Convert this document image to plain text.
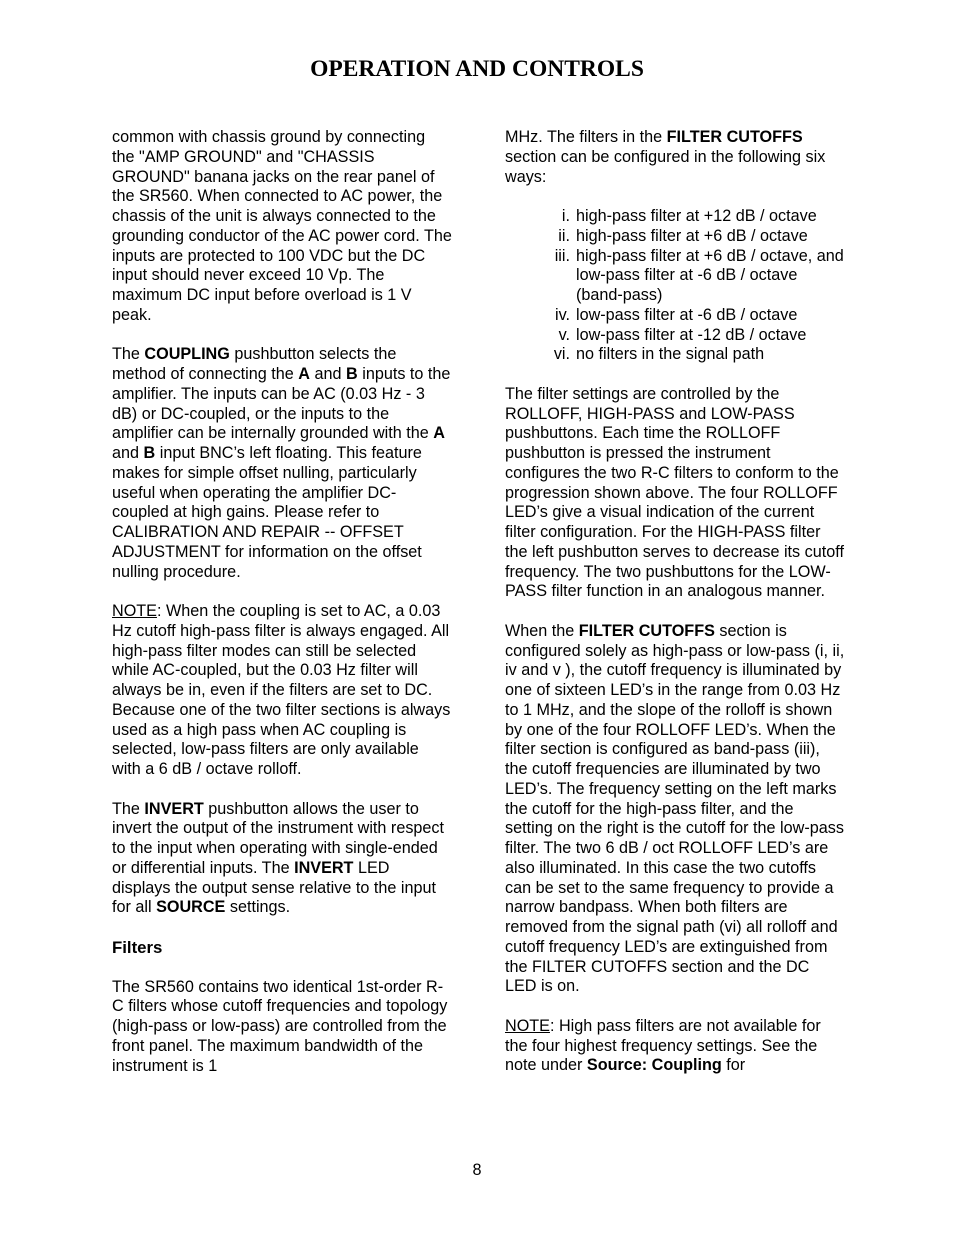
OPERATION AND CONTROLS

common with chassis ground by connecting the "AMP GROUND" and "CHASSIS GROUND" banana jacks on the rear panel of the SR560. When connected to AC power, the chassis of the unit is always connected to the grounding conductor of the AC power cord. The inputs are protected to 100 VDC but the DC input should never exceed 10 Vp. The maximum DC input before overload is 1 V peak.

The COUPLING pushbutton selects the method of connecting the A and B inputs to the amplifier. The inputs can be AC (0.03 Hz - 3 dB) or DC-coupled, or the inputs to the amplifier can be internally grounded with the A and B input BNC’s left floating. This feature makes for simple offset nulling, particularly useful when operating the amplifier DC-coupled at high gains. Please refer to CALIBRATION AND REPAIR -- OFFSET ADJUSTMENT for information on the offset nulling procedure.

NOTE: When the coupling is set to AC, a 0.03 Hz cutoff high-pass filter is always engaged. All high-pass filter modes can still be selected while AC-coupled, but the 0.03 Hz filter will always be in, even if the filters are set to DC. Because one of the two filter sections is always used as a high pass when AC coupling is selected, low-pass filters are only available with a 6 dB / octave rolloff.

The INVERT pushbutton allows the user to invert the output of the instrument with respect to the input when operating with single-ended or differential inputs. The INVERT LED displays the output sense relative to the input for all SOURCE settings.

Filters

The SR560 contains two identical 1st-order R-C filters whose cutoff frequencies and topology (high-pass or low-pass) are controlled from the front panel. The maximum bandwidth of the instrument is 1

MHz. The filters in the FILTER CUTOFFS section can be configured in the following six ways:

i. high-pass filter at +12 dB / octave
ii. high-pass filter at +6 dB / octave
iii. high-pass filter at +6 dB / octave, and low-pass filter at -6 dB / octave (band-pass)
iv. low-pass filter at -6 dB / octave
v. low-pass filter at -12 dB / octave
vi. no filters in the signal path

The filter settings are controlled by the ROLLOFF, HIGH-PASS and LOW-PASS pushbuttons. Each time the ROLLOFF pushbutton is pressed the instrument configures the two R-C filters to conform to the progression shown above. The four ROLLOFF LED’s give a visual indication of the current filter configuration. For the HIGH-PASS filter the left pushbutton serves to decrease its cutoff frequency. The two pushbuttons for the LOW-PASS filter function in an analogous manner.

When the FILTER CUTOFFS section is configured solely as high-pass or low-pass (i, ii, iv and v ), the cutoff frequency is illuminated by one of sixteen LED’s in the range from 0.03 Hz to 1 MHz, and the slope of the rolloff is shown by one of the four ROLLOFF LED’s. When the filter section is configured as band-pass (iii), the cutoff frequencies are illuminated by two LED’s. The frequency setting on the left marks the cutoff for the high-pass filter, and the setting on the right is the cutoff for the low-pass filter. The two 6 dB / oct ROLLOFF LED’s are also illuminated. In this case the two cutoffs can be set to the same frequency to provide a narrow bandpass. When both filters are removed from the signal path (vi) all rolloff and cutoff frequency LED’s are extinguished from the FILTER CUTOFFS section and the DC LED is on.

NOTE: High pass filters are not available for the four highest frequency settings. See the note under Source: Coupling for

8
